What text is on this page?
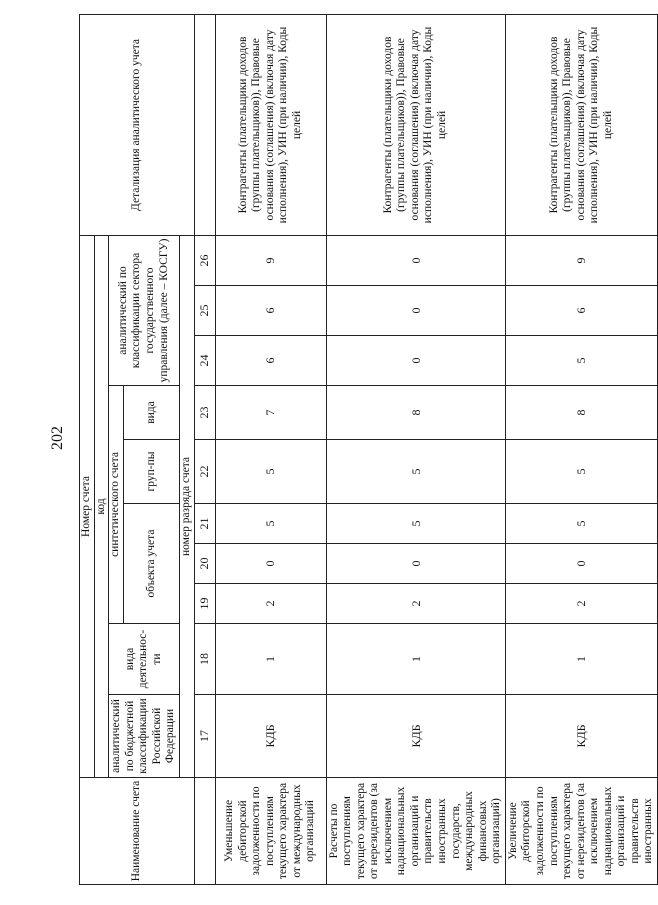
202
Наименование счета	Номер счета										Детализация аналитического учета
	код										
	аналитический по бюджетной классификации Российской Федерации	вида деятельнос-ти	синтетического счета					аналитический по классификации сектора государственного управления (далее – КОСГУ)			
			объекта учета			груп-пы	вида				

	номер разряда счета										
	17	18	19	20	21	22	23	24	25	26	
Уменьшение дебиторской задолженности по поступлениям текущего характера от международных организаций	КДБ	1	2	0	5	5	7	6	6	9	Контрагенты (плательщики доходов (группы плательщиков)), Правовые основания (соглашения) (включая дату исполнения), УИН (при наличии), Коды целей
Расчеты по поступлениям текущего характера от нерезидентов (за исключением наднациональных организаций и правительств иностранных государств, международных финансовых организаций)	КДБ	1	2	0	5	5	8	0	0	0	Контрагенты (плательщики доходов (группы плательщиков)), Правовые основания (соглашения) (включая дату исполнения), УИН (при наличии), Коды целей
Увеличение дебиторской задолженности по поступлениям текущего характера от нерезидентов (за исключением наднациональных организаций и правительств иностранных	КДБ	1	2	0	5	5	8	5	6	9	Контрагенты (плательщики доходов (группы плательщиков)), Правовые основания (соглашения) (включая дату исполнения), УИН (при наличии), Коды целей
